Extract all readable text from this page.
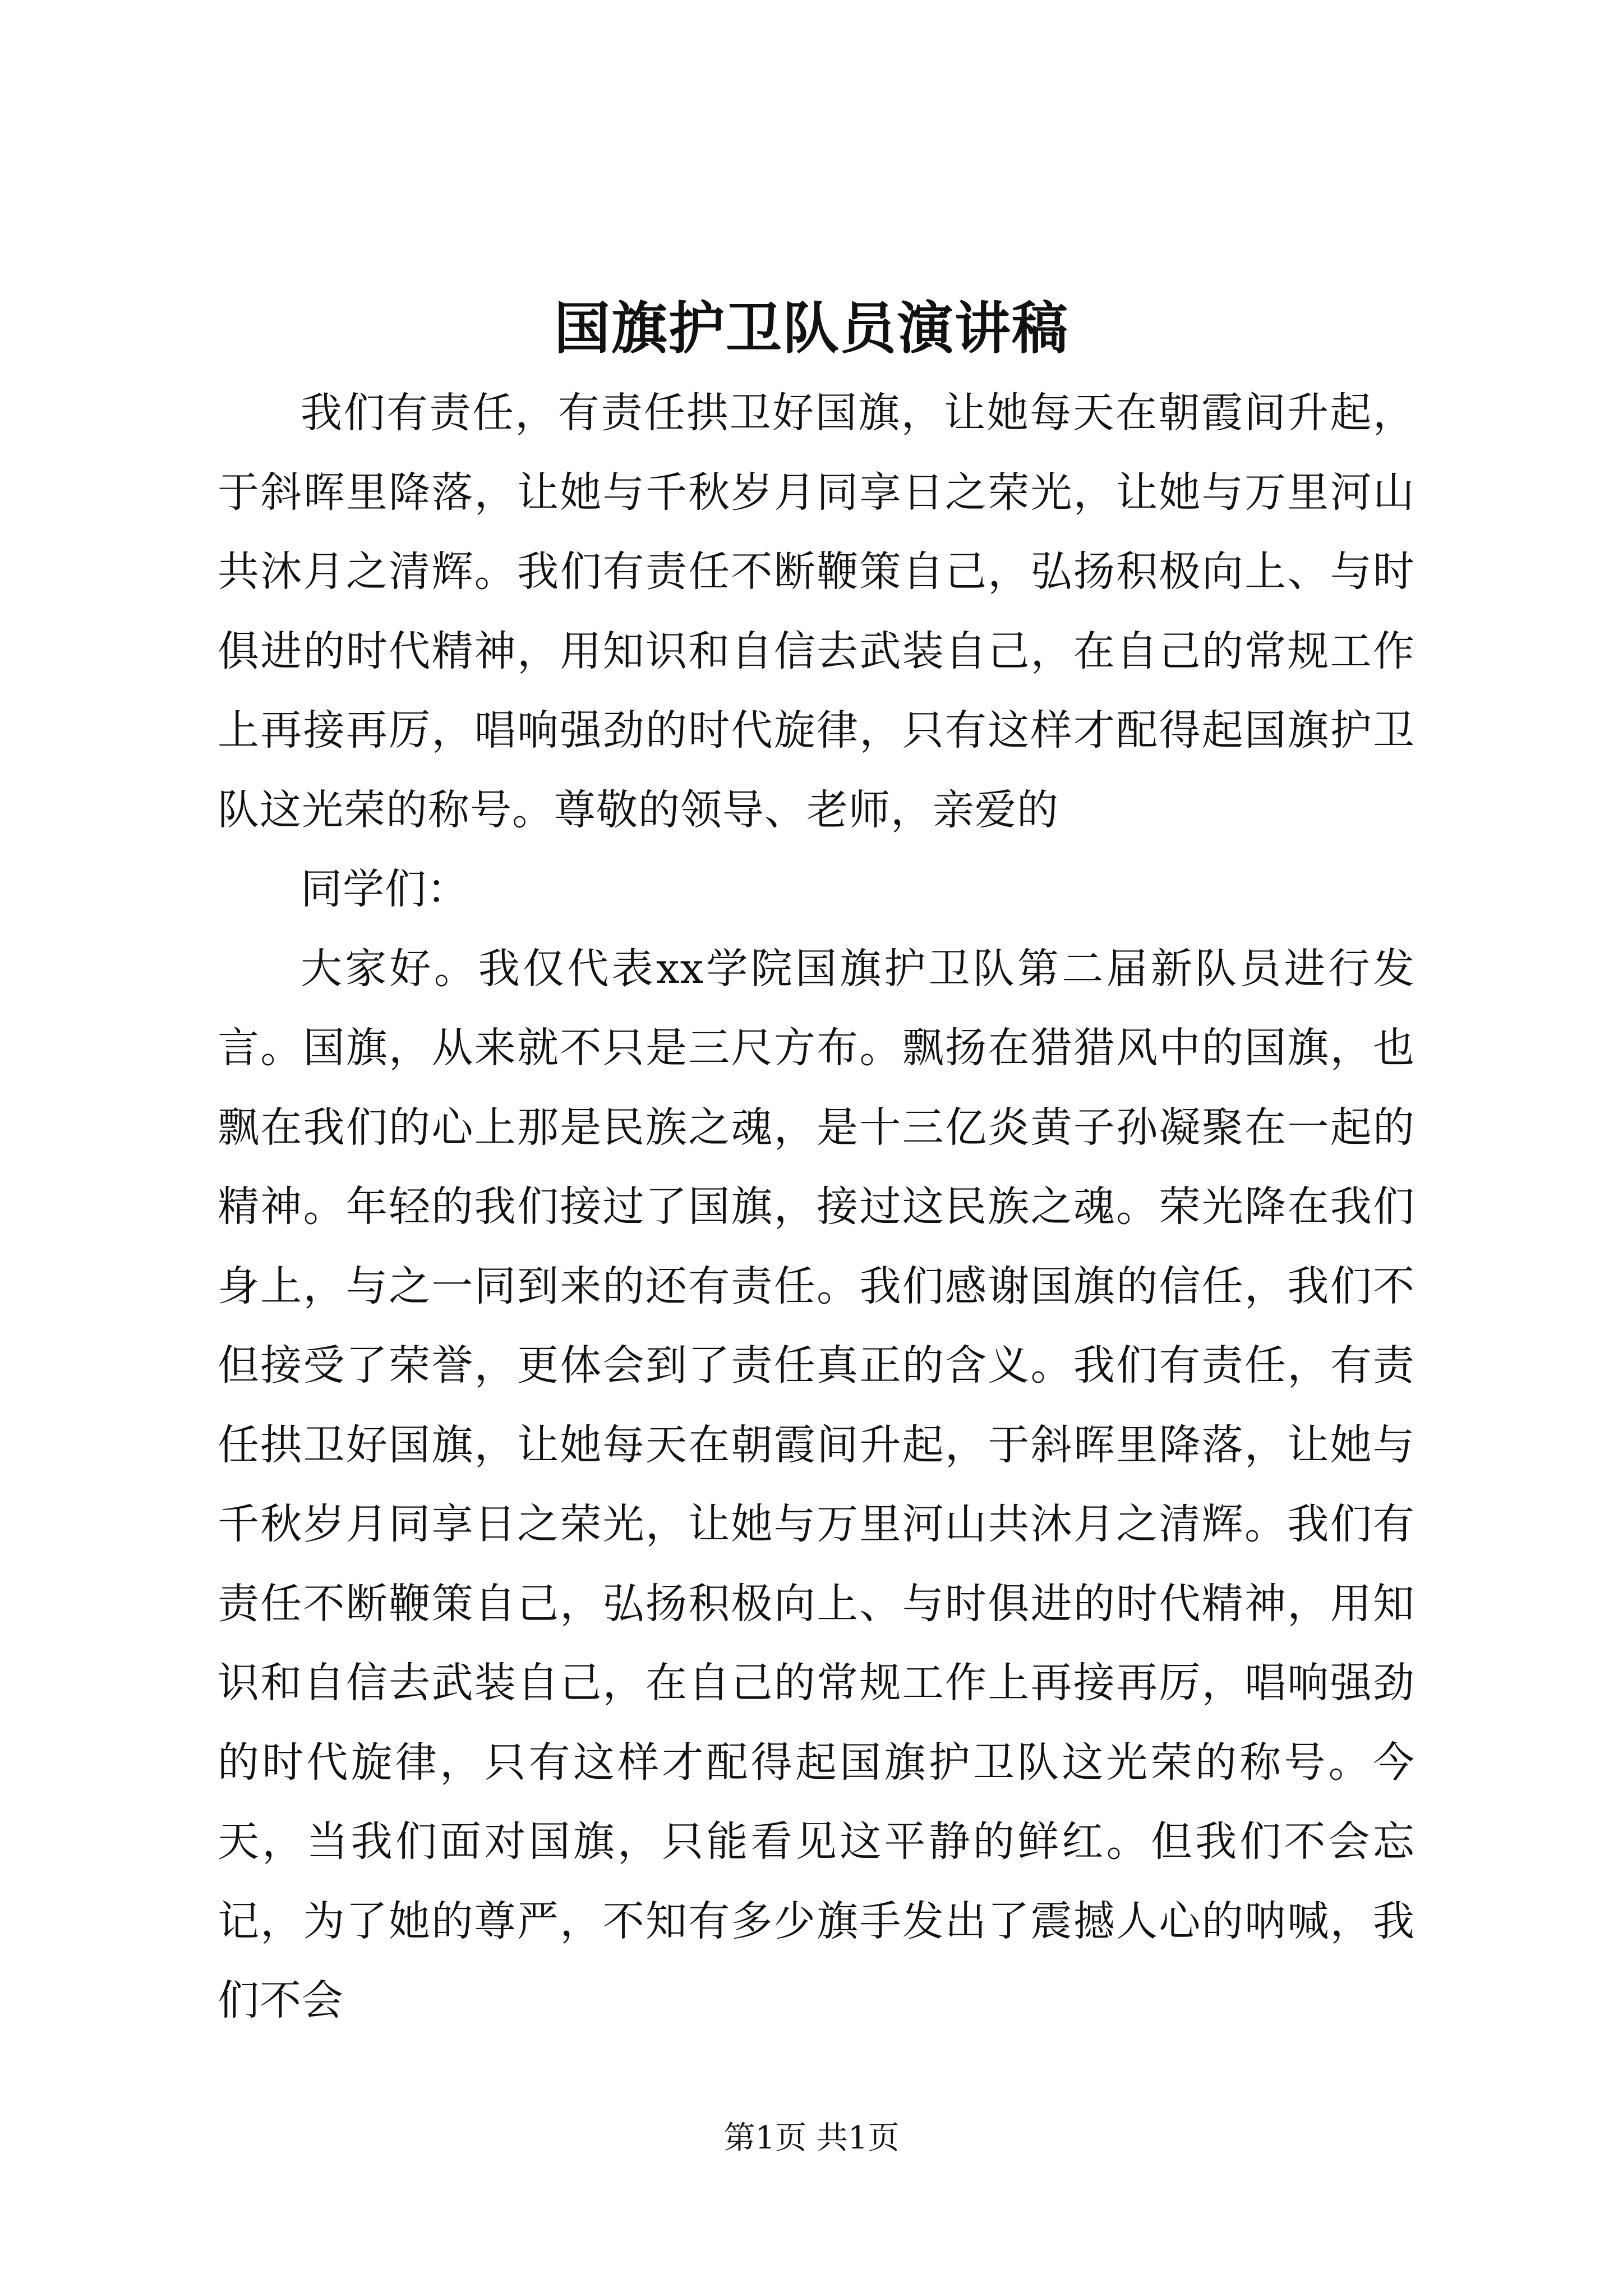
国旗护卫队员演讲稿

我们有责任，有责任拱卫好国旗，让她每天在朝霞间升起，于斜晖里降落，让她与千秋岁月同享日之荣光，让她与万里河山共沐月之清辉。我们有责任不断鞭策自己，弘扬积极向上、与时俱进的时代精神，用知识和自信去武装自己，在自己的常规工作上再接再厉，唱响强劲的时代旋律，只有这样才配得起国旗护卫队这光荣的称号。尊敬的领导、老师，亲爱的

同学们：

大家好。我仅代表xx学院国旗护卫队第二届新队员进行发言。国旗，从来就不只是三尺方布。飘扬在猎猎风中的国旗，也飘在我们的心上那是民族之魂，是十三亿炎黄子孙凝聚在一起的精神。年轻的我们接过了国旗，接过这民族之魂。荣光降在我们身上，与之一同到来的还有责任。我们感谢国旗的信任，我们不但接受了荣誉，更体会到了责任真正的含义。我们有责任，有责任拱卫好国旗，让她每天在朝霞间升起，于斜晖里降落，让她与千秋岁月同享日之荣光，让她与万里河山共沐月之清辉。我们有责任不断鞭策自己，弘扬积极向上、与时俱进的时代精神，用知识和自信去武装自己，在自己的常规工作上再接再厉，唱响强劲的时代旋律，只有这样才配得起国旗护卫队这光荣的称号。今天，当我们面对国旗，只能看见这平静的鲜红。但我们不会忘记，为了她的尊严，不知有多少旗手发出了震撼人心的呐喊，我们不会

第1页 共1页
